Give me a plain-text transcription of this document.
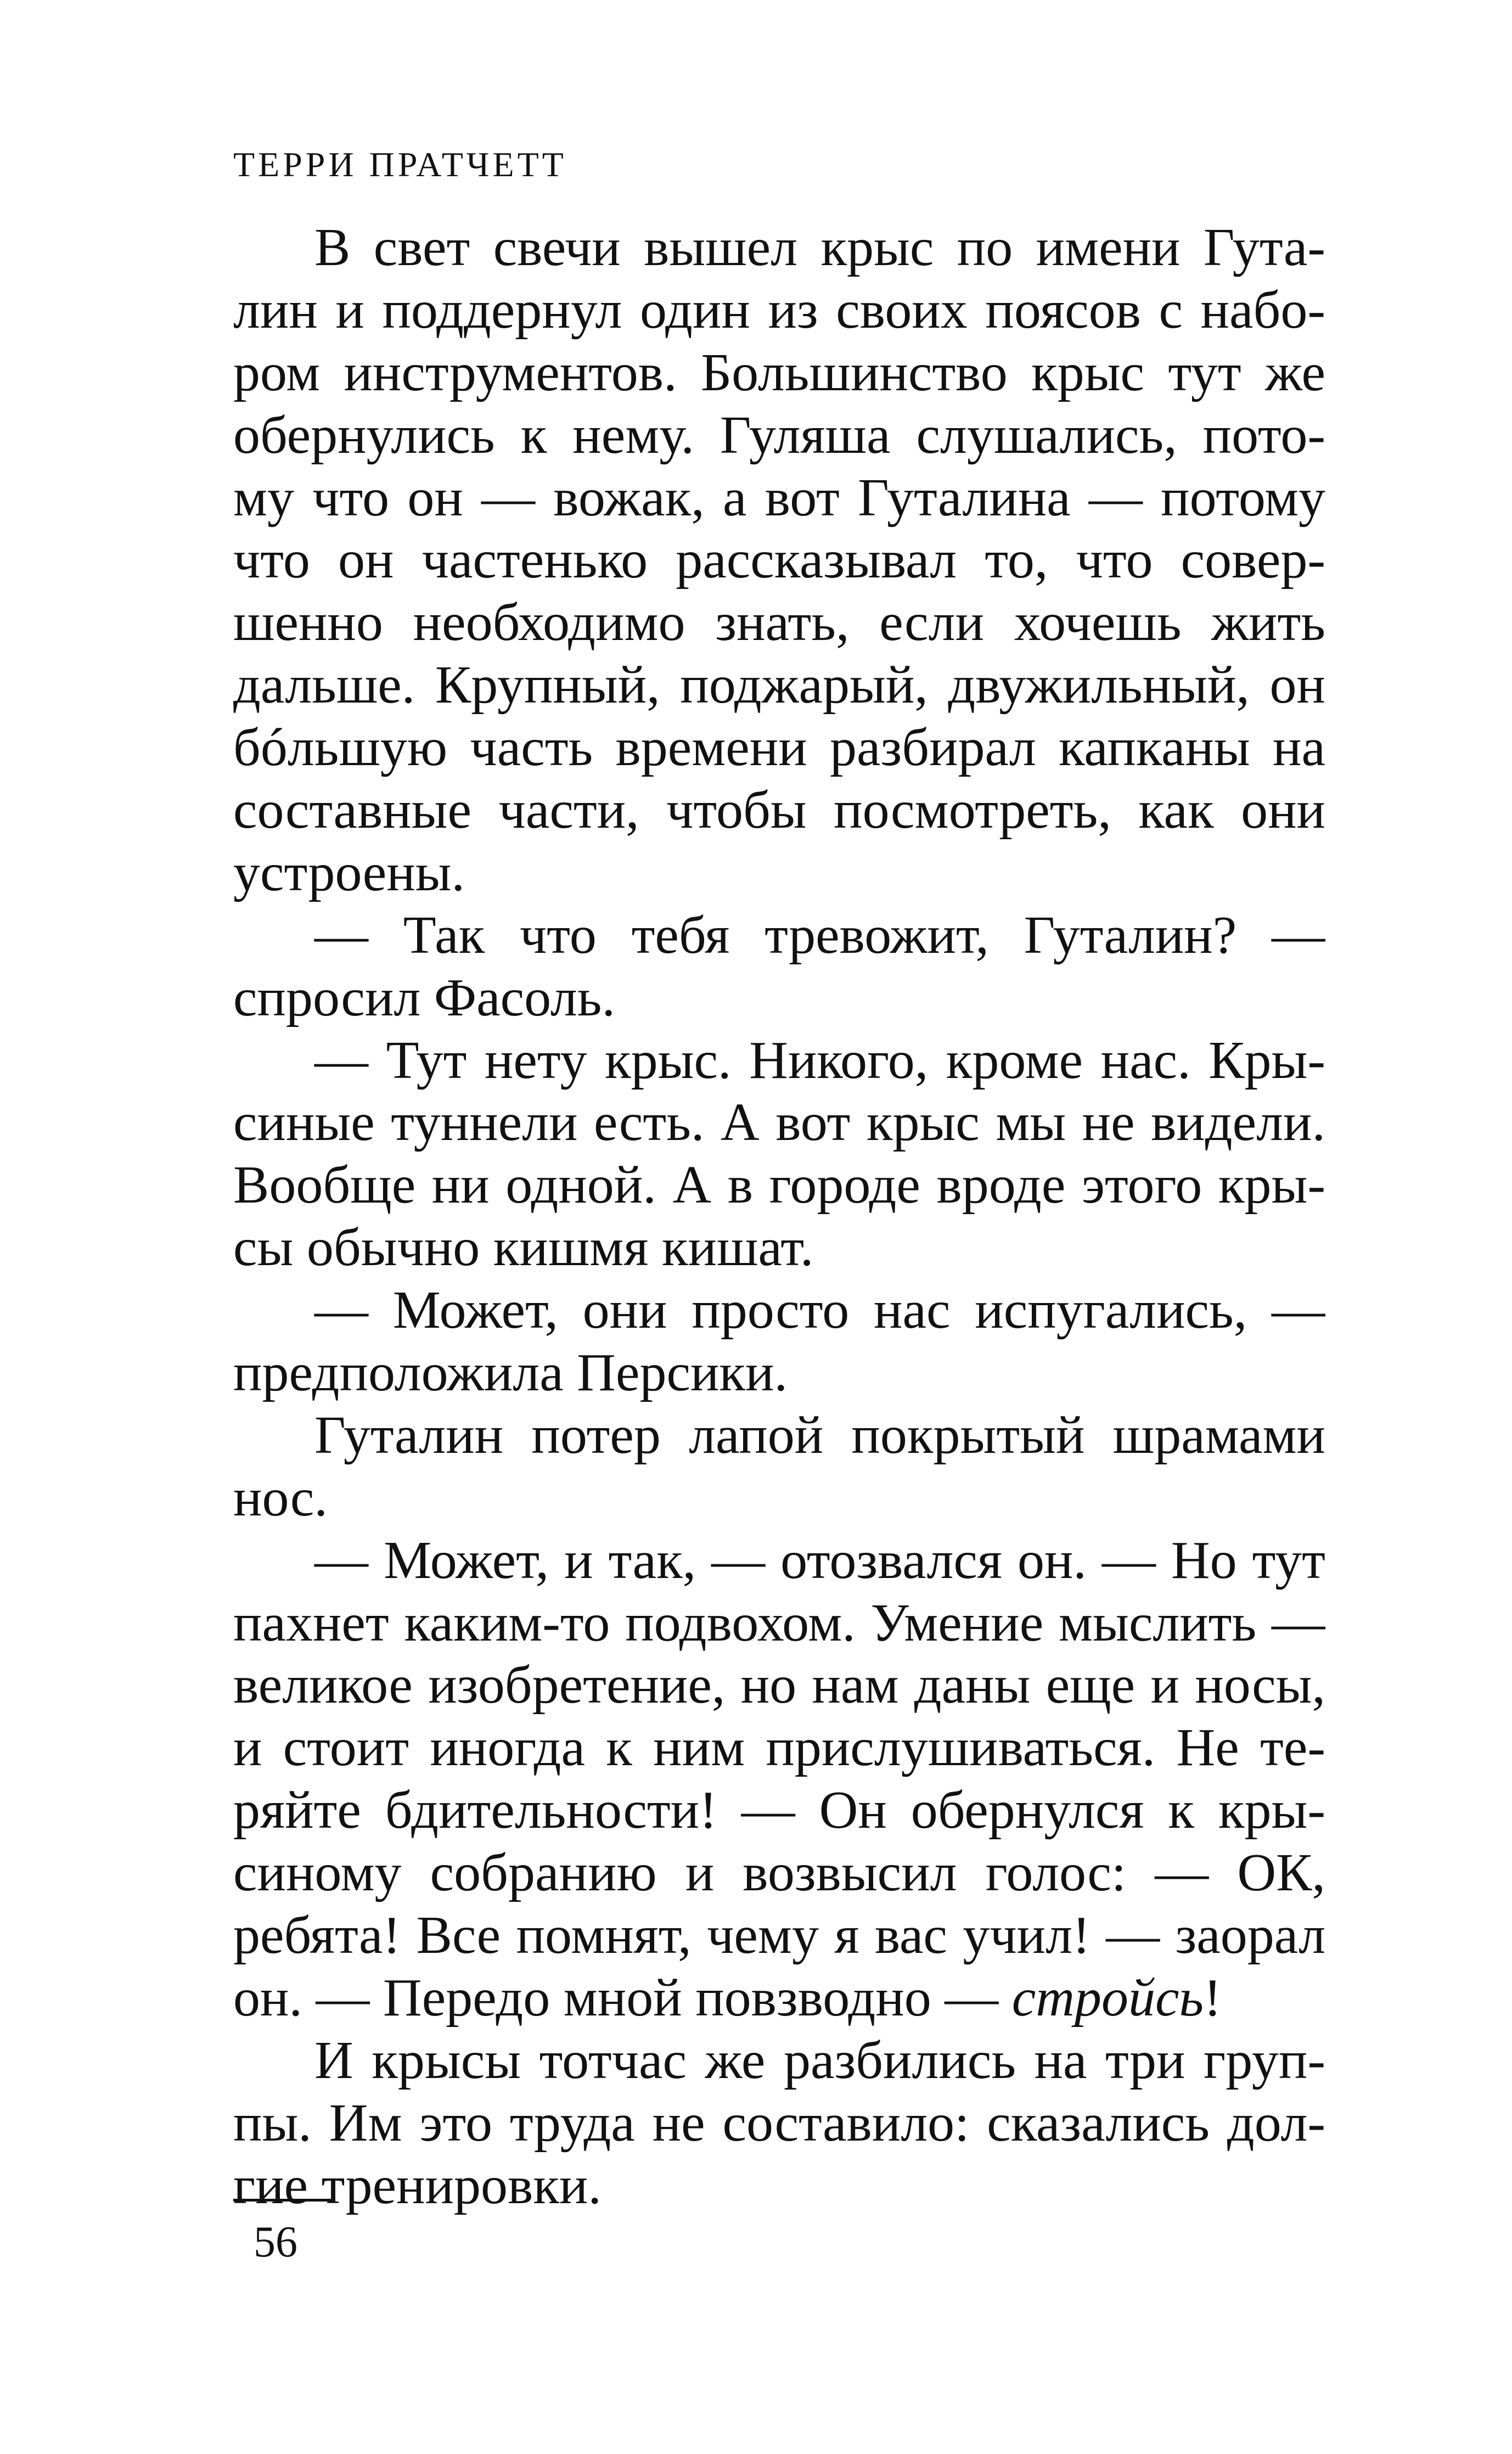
ТЕРРИ ПРАТЧЕТТ
В свет свечи вышел крыс по имени Гута-
лин и поддернул один из своих поясов с набо-
ром инструментов. Большинство крыс тут же
обернулись к нему. Гуляша слушались, пото-
му что он — вожак, а вот Гуталина — потому
что он частенько рассказывал то, что совер-
шенно необходимо знать, если хочешь жить
дальше. Крупный, поджарый, двужильный, он
бóльшую часть времени разбирал капканы на
составные части, чтобы посмотреть, как они
устроены.
— Так что тебя тревожит, Гуталин? —
спросил Фасоль.
— Тут нету крыс. Никого, кроме нас. Кры-
синые туннели есть. А вот крыс мы не видели.
Вообще ни одной. А в городе вроде этого кры-
сы обычно кишмя кишат.
— Может, они просто нас испугались, —
предположила Персики.
Гуталин потер лапой покрытый шрамами
нос.
— Может, и так, — отозвался он. — Но тут
пахнет каким-то подвохом. Умение мыслить —
великое изобретение, но нам даны еще и носы,
и стоит иногда к ним прислушиваться. Не те-
ряйте бдительности! — Он обернулся к кры-
синому собранию и возвысил голос: — ОК,
ребята! Все помнят, чему я вас учил! — заорал
он. — Передо мной повзводно — стройсь!
И крысы тотчас же разбились на три груп-
пы. Им это труда не составило: сказались дол-
гие тренировки.
56
